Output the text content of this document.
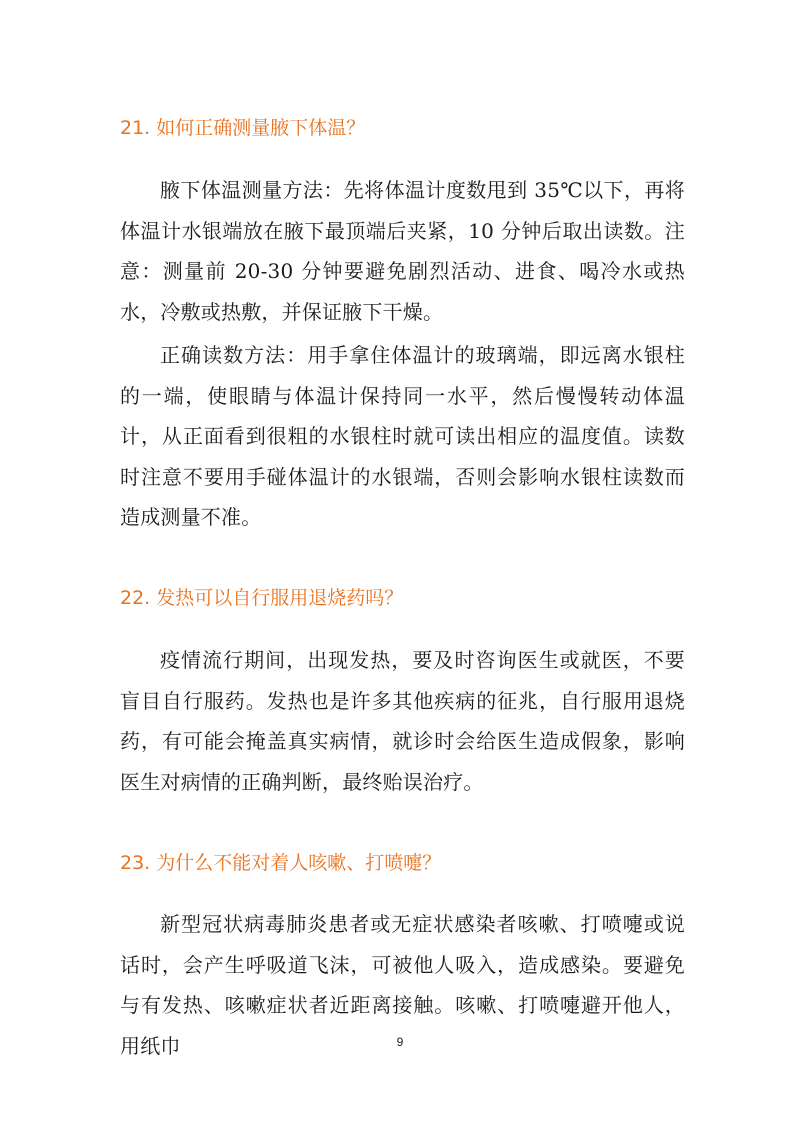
21. 如何正确测量腋下体温？

腋下体温测量方法：先将体温计度数甩到 35℃以下，再将体温计水银端放在腋下最顶端后夹紧，10 分钟后取出读数。注意：测量前 20-30 分钟要避免剧烈活动、进食、喝冷水或热水，冷敷或热敷，并保证腋下干燥。

正确读数方法：用手拿住体温计的玻璃端，即远离水银柱的一端，使眼睛与体温计保持同一水平，然后慢慢转动体温计，从正面看到很粗的水银柱时就可读出相应的温度值。读数时注意不要用手碰体温计的水银端，否则会影响水银柱读数而造成测量不准。

22. 发热可以自行服用退烧药吗？

疫情流行期间，出现发热，要及时咨询医生或就医，不要盲目自行服药。发热也是许多其他疾病的征兆，自行服用退烧药，有可能会掩盖真实病情，就诊时会给医生造成假象，影响医生对病情的正确判断，最终贻误治疗。

23. 为什么不能对着人咳嗽、打喷嚏？

新型冠状病毒肺炎患者或无症状感染者咳嗽、打喷嚏或说话时，会产生呼吸道飞沫，可被他人吸入，造成感染。要避免与有发热、咳嗽症状者近距离接触。咳嗽、打喷嚏避开他人，用纸巾	9
